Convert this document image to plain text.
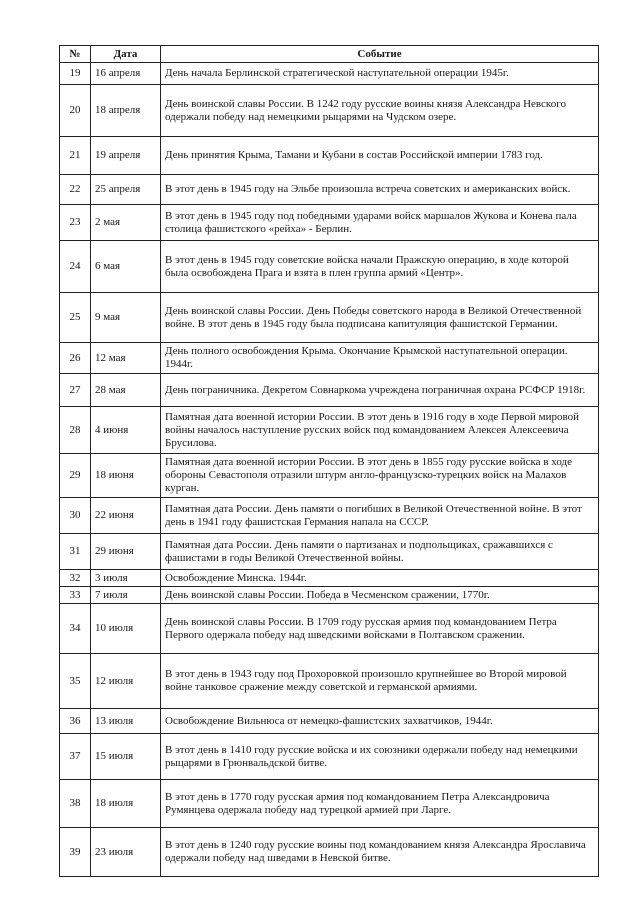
№	Дата	Событие
19	16 апреля	День начала Берлинской стратегической наступательной операции 1945г.
20	18 апреля	День воинской славы России. В 1242 году русские воины князя Александра Невского одержали победу над немецкими рыцарями на Чудском озере.
21	19 апреля	День принятия Крыма, Тамани и Кубани в состав Российской империи 1783 год.
22	25 апреля	В этот день в 1945 году на Эльбе произошла встреча советских и американских войск.
23	2 мая	В этот день в 1945 году под победными ударами войск маршалов Жукова и Конева пала столица фашистского «рейха» - Берлин.
24	6 мая	В этот день в 1945 году советские войска начали Пражскую операцию, в ходе которой была освобождена Прага и взята в плен группа армий «Центр».
25	9 мая	День воинской славы России. День Победы советского народа в Великой Отечественной войне. В этот день в 1945 году была подписана капитуляция фашистской Германии.
26	12 мая	День полного освобождения Крыма. Окончание Крымской наступательной операции. 1944г.
27	28 мая	День пограничника. Декретом Совнаркома учреждена пограничная охрана РСФСР 1918г.
28	4 июня	Памятная дата военной истории России. В этот день в 1916 году в ходе Первой мировой войны началось наступление русских войск под командованием Алексея Алексеевича Брусилова.
29	18 июня	Памятная дата военной истории России. В этот день в 1855 году русские войска в ходе обороны Севастополя отразили штурм англо-французско-турецких войск на Малахов курган.
30	22 июня	Памятная дата России. День памяти о погибших в Великой Отечественной войне. В этот день в 1941 году фашистская Германия напала на СССР.
31	29 июня	Памятная дата России. День памяти о партизанах и подпольщиках, сражавшихся с фашистами в годы Великой Отечественной войны.
32	3 июля	Освобождение Минска. 1944г.
33	7 июля	День воинской славы России. Победа в Чесменском сражении, 1770г.
34	10 июля	День воинской славы России. В 1709 году русская армия под командованием Петра Первого одержала победу над шведскими войсками в Полтавском сражении.
35	12 июля	В этот день в 1943 году под Прохоровкой произошло крупнейшее во Второй мировой войне танковое сражение между советской и германской армиями.
36	13 июля	Освобождение Вильнюса от немецко-фашистских захватчиков, 1944г.
37	15 июля	В этот день в 1410 году русские войска и их союзники одержали победу над немецкими рыцарями в Грюнвальдской битве.
38	18 июля	В этот день в 1770 году русская армия под командованием Петра Александровича Румянцева одержала победу над турецкой армией при Ларге.
39	23 июля	В этот день в 1240 году русские воины под командованием князя Александра Ярославича одержали победу над шведами в Невской битве.
